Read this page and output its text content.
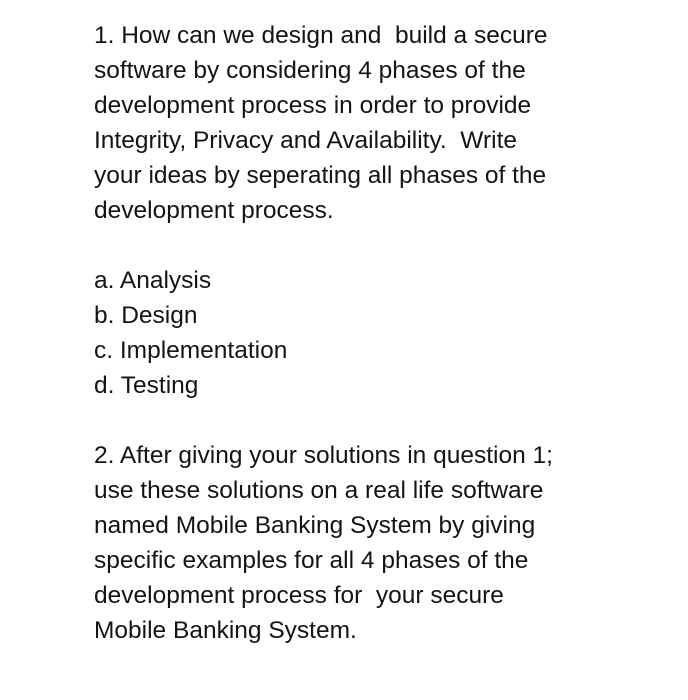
1. How can we design and  build a secure
software by considering 4 phases of the
development process in order to provide
Integrity, Privacy and Availability.  Write
your ideas by seperating all phases of the
development process.
a. Analysis
b. Design
c. Implementation
d. Testing
2. After giving your solutions in question 1;
use these solutions on a real life software
named Mobile Banking System by giving
specific examples for all 4 phases of the
development process for  your secure
Mobile Banking System.
